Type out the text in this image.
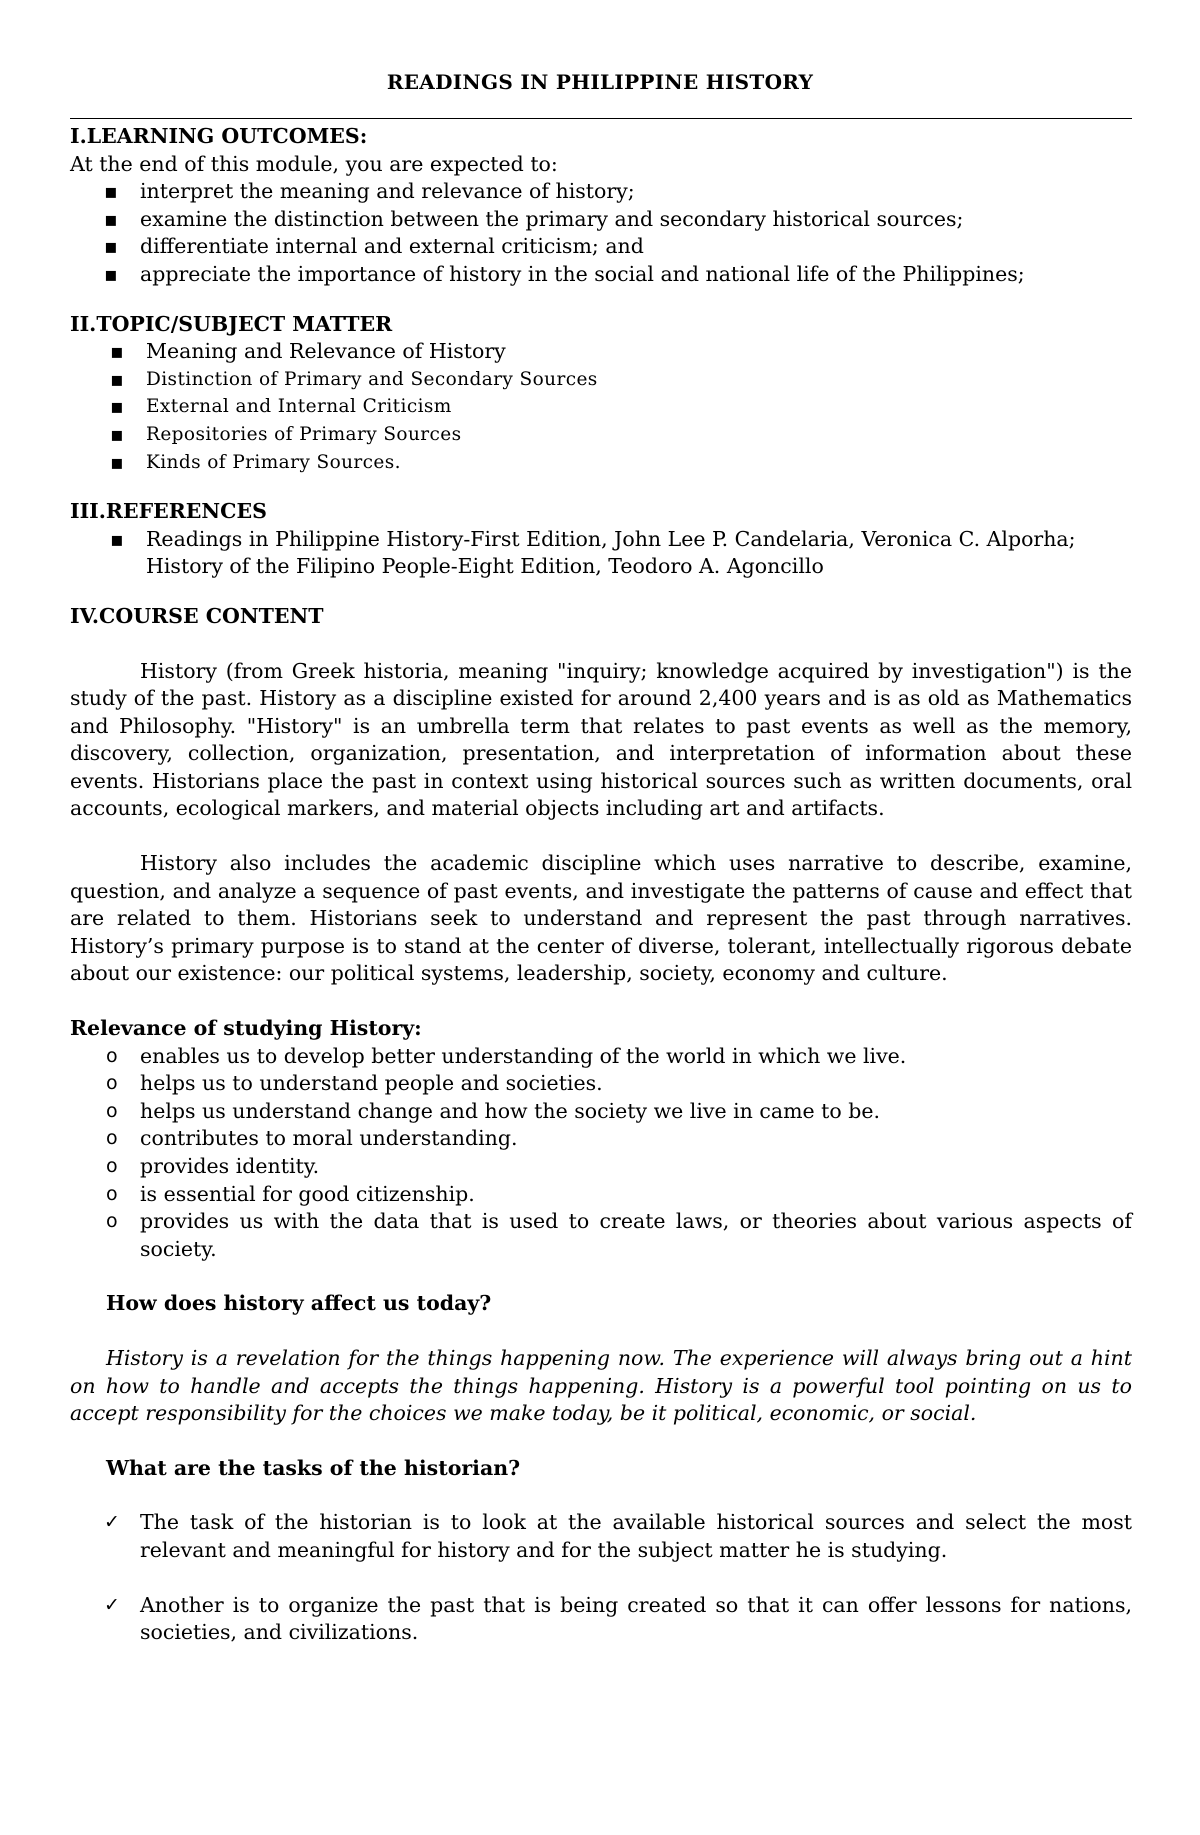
READINGS IN PHILIPPINE HISTORY
I.LEARNING OUTCOMES:

At the end of this module, you are expected to:

▪ interpret the meaning and relevance of history;
▪ examine the distinction between the primary and secondary historical sources;
▪ differentiate internal and external criticism; and
▪ appreciate the importance of history in the social and national life of the Philippines;
II.TOPIC/SUBJECT MATTER
▪ Meaning and Relevance of History
▪ Distinction of Primary and Secondary Sources
▪ External and Internal Criticism
▪ Repositories of Primary Sources
▪ Kinds of Primary Sources.
III.REFERENCES
▪ Readings in Philippine History-First Edition, John Lee P. Candelaria, Veronica C. Alporha; History of the Filipino People-Eight Edition, Teodoro A. Agoncillo
IV.COURSE CONTENT

History (from Greek historia, meaning "inquiry; knowledge acquired by investigation") is the study of the past. History as a discipline existed for around 2,400 years and is as old as Mathematics and Philosophy. "History" is an umbrella term that relates to past events as well as the memory, discovery, collection, organization, presentation, and interpretation of information about these events. Historians place the past in context using historical sources such as written documents, oral accounts, ecological markers, and material objects including art and artifacts.

History also includes the academic discipline which uses narrative to describe, examine, question, and analyze a sequence of past events, and investigate the patterns of cause and effect that are related to them. Historians seek to understand and represent the past through narratives. History’s primary purpose is to stand at the center of diverse, tolerant, intellectually rigorous debate about our existence: our political systems, leadership, society, economy and culture.

Relevance of studying History:
o enables us to develop better understanding of the world in which we live.
o helps us to understand people and societies.
o helps us understand change and how the society we live in came to be.
o contributes to moral understanding.
o provides identity.
o is essential for good citizenship.
o provides us with the data that is used to create laws, or theories about various aspects of society.
How does history affect us today?

History is a revelation for the things happening now. The experience will always bring out a hint on how to handle and accepts the things happening. History is a powerful tool pointing on us to accept responsibility for the choices we make today, be it political, economic, or social.

What are the tasks of the historian?
✓ The task of the historian is to look at the available historical sources and select the most relevant and meaningful for history and for the subject matter he is studying.
✓ Another is to organize the past that is being created so that it can offer lessons for nations, societies, and civilizations.
